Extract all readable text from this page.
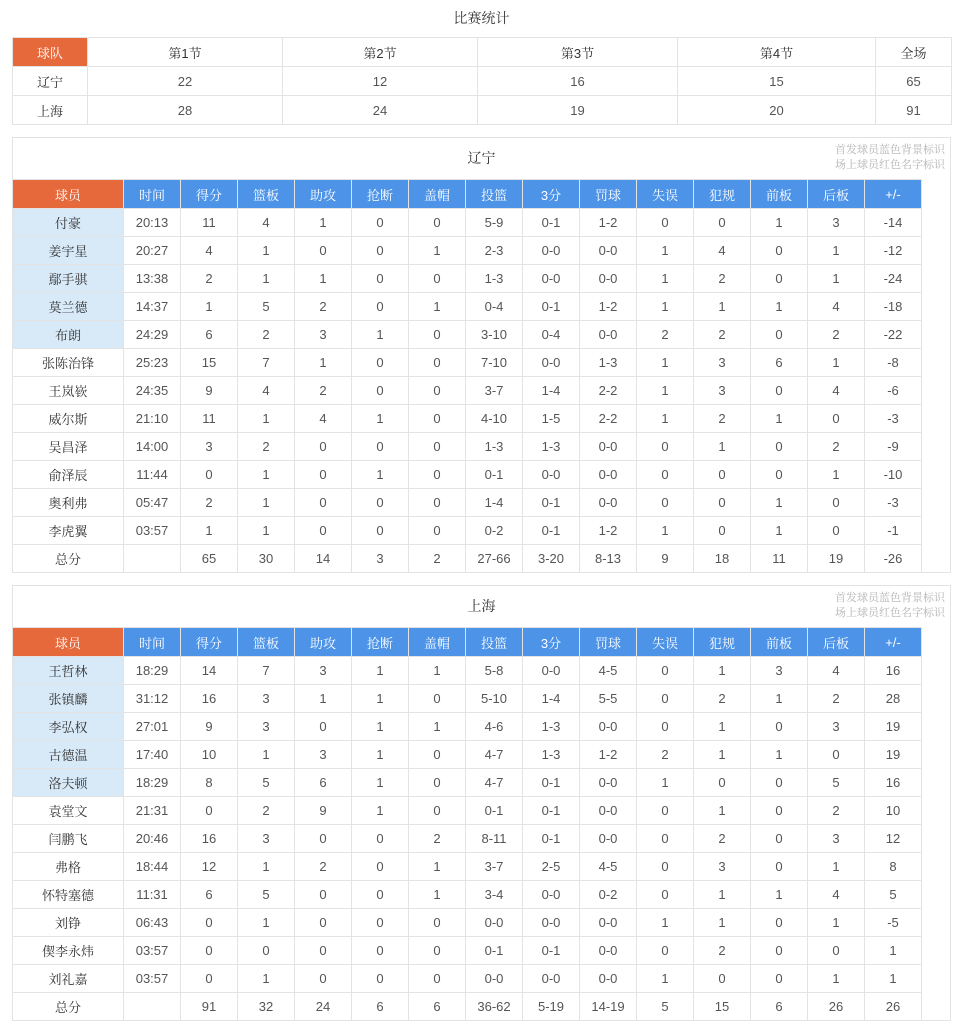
比赛统计
球队	第1节	第2节	第3节	第4节	全场
辽宁	22	12	16	15	65
上海	28	24	19	20	91
辽宁	首发球员蓝色背景标识
场上球员红色名字标识
球员	时间	得分	篮板	助攻	抢断	盖帽	投篮	3分	罚球	失误	犯规	前板	后板	+/-
付豪	20:13	11	4	1	0	0	5-9	0-1	1-2	0	0	1	3	-14
姜宇星	20:27	4	1	0	0	1	2-3	0-0	0-0	1	4	0	1	-12
鄢手骐	13:38	2	1	1	0	0	1-3	0-0	0-0	1	2	0	1	-24
莫兰德	14:37	1	5	2	0	1	0-4	0-1	1-2	1	1	1	4	-18
布朗	24:29	6	2	3	1	0	3-10	0-4	0-0	2	2	0	2	-22
张陈治锋	25:23	15	7	1	0	0	7-10	0-0	1-3	1	3	6	1	-8
王岚嵚	24:35	9	4	2	0	0	3-7	1-4	2-2	1	3	0	4	-6
威尔斯	21:10	11	1	4	1	0	4-10	1-5	2-2	1	2	1	0	-3
吴昌泽	14:00	3	2	0	0	0	1-3	1-3	0-0	0	1	0	2	-9
俞泽辰	11:44	0	1	0	1	0	0-1	0-0	0-0	0	0	0	1	-10
奥利弗	05:47	2	1	0	0	0	1-4	0-1	0-0	0	0	1	0	-3
李虎翼	03:57	1	1	0	0	0	0-2	0-1	1-2	1	0	1	0	-1
总分		65	30	14	3	2	27-66	3-20	8-13	9	18	11	19	-26
上海	首发球员蓝色背景标识
场上球员红色名字标识
球员	时间	得分	篮板	助攻	抢断	盖帽	投篮	3分	罚球	失误	犯规	前板	后板	+/-
王哲林	18:29	14	7	3	1	1	5-8	0-0	4-5	0	1	3	4	16
张镇麟	31:12	16	3	1	1	0	5-10	1-4	5-5	0	2	1	2	28
李弘权	27:01	9	3	0	1	1	4-6	1-3	0-0	0	1	0	3	19
古德温	17:40	10	1	3	1	0	4-7	1-3	1-2	2	1	1	0	19
洛夫顿	18:29	8	5	6	1	0	4-7	0-1	0-0	1	0	0	5	16
袁堂文	21:31	0	2	9	1	0	0-1	0-1	0-0	0	1	0	2	10
闫鹏飞	20:46	16	3	0	0	2	8-11	0-1	0-0	0	2	0	3	12
弗格	18:44	12	1	2	0	1	3-7	2-5	4-5	0	3	0	1	8
怀特塞德	11:31	6	5	0	0	1	3-4	0-0	0-2	0	1	1	4	5
刘铮	06:43	0	1	0	0	0	0-0	0-0	0-0	1	1	0	1	-5
偰李永炜	03:57	0	0	0	0	0	0-1	0-1	0-0	0	2	0	0	1
刘礼嘉	03:57	0	1	0	0	0	0-0	0-0	0-0	1	0	0	1	1
总分		91	32	24	6	6	36-62	5-19	14-19	5	15	6	26	26
